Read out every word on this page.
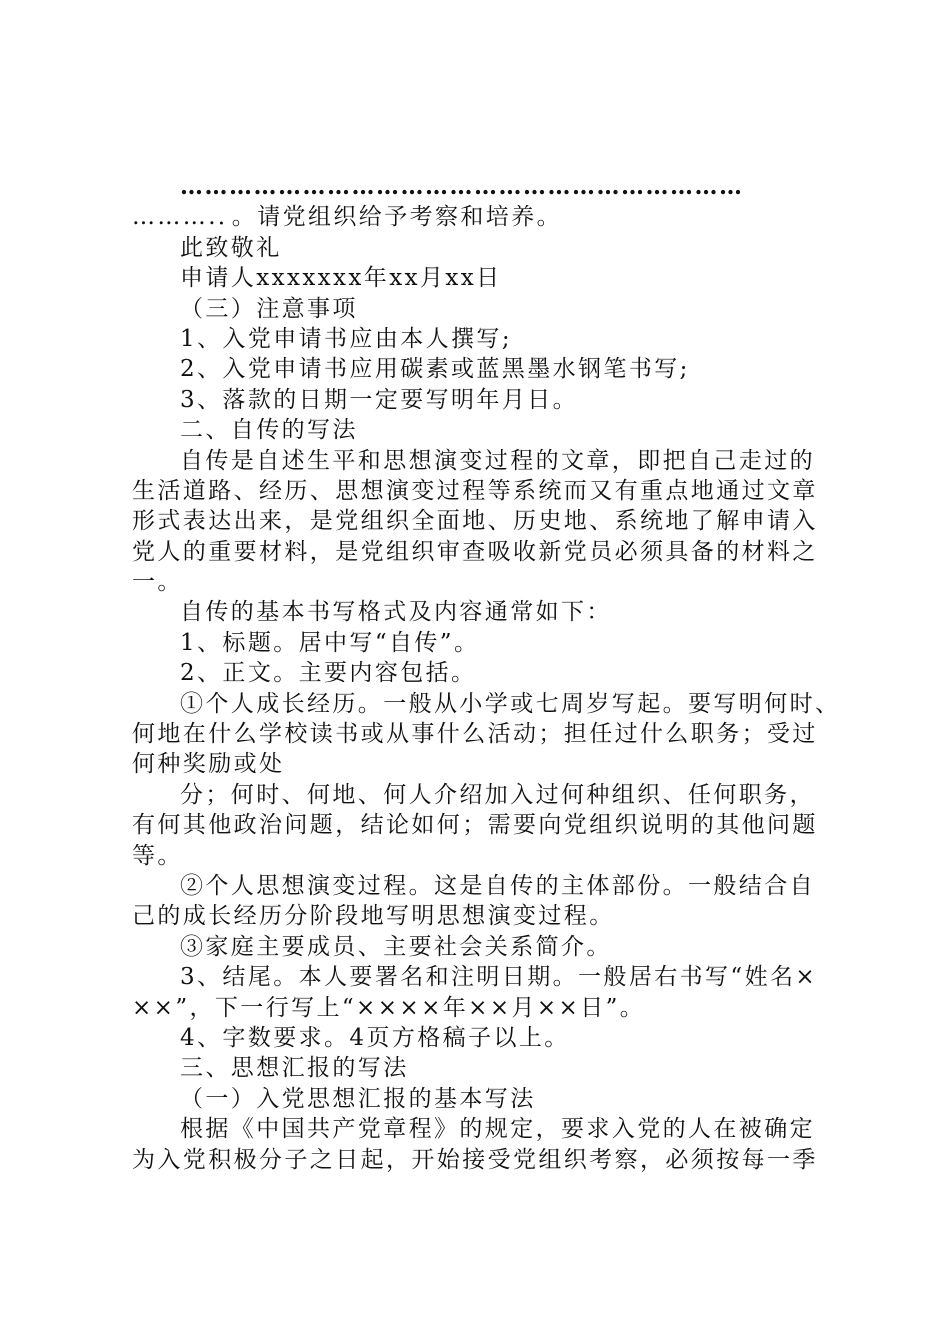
……………………………………………………………

……….．。请党组织给予考察和培养。

此致敬礼

申请人xxxxxxx年xx月xx日

（三）注意事项

1、入党申请书应由本人撰写;

2、入党申请书应用碳素或蓝黑墨水钢笔书写;

3、落款的日期一定要写明年月日。

二、自传的写法

自传是自述生平和思想演变过程的文章，即把自己走过的

生活道路、经历、思想演变过程等系统而又有重点地通过文章

形式表达出来，是党组织全面地、历史地、系统地了解申请入

党人的重要材料，是党组织审查吸收新党员必须具备的材料之

一。

自传的基本书写格式及内容通常如下：

1、标题。居中写“自传”。

2、正文。主要内容包括。

①个人成长经历。一般从小学或七周岁写起。要写明何时、

何地在什么学校读书或从事什么活动；担任过什么职务；受过

何种奖励或处

分；何时、何地、何人介绍加入过何种组织、任何职务，

有何其他政治问题，结论如何；需要向党组织说明的其他问题

等。

②个人思想演变过程。这是自传的主体部份。一般结合自

己的成长经历分阶段地写明思想演变过程。

③家庭主要成员、主要社会关系简介。

3、结尾。本人要署名和注明日期。一般居右书写“姓名×

××”，下一行写上“××××年××月××日”。

4、字数要求。4页方格稿子以上。

三、思想汇报的写法

（一）入党思想汇报的基本写法

根据《中国共产党章程》的规定，要求入党的人在被确定

为入党积极分子之日起，开始接受党组织考察，必须按每一季
